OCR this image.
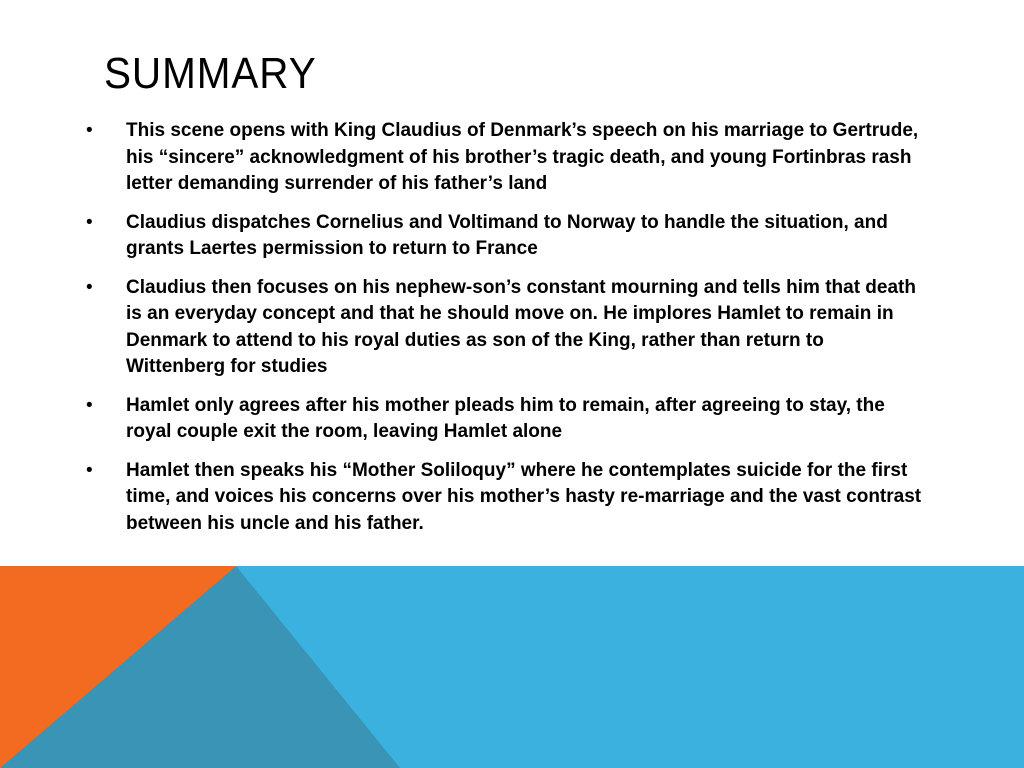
SUMMARY
• This scene opens with King Claudius of Denmark’s speech on his marriage to Gertrude, his “sincere” acknowledgment of his brother’s tragic death, and young Fortinbras rash letter demanding surrender of his father’s land
• Claudius dispatches Cornelius and Voltimand to Norway to handle the situation, and grants Laertes permission to return to France
• Claudius then focuses on his nephew-son’s constant mourning and tells him that death is an everyday concept and that he should move on. He implores Hamlet to remain in Denmark to attend to his royal duties as son of the King, rather than return to Wittenberg for studies
• Hamlet only agrees after his mother pleads him to remain, after agreeing to stay, the royal couple exit the room, leaving Hamlet alone
• Hamlet then speaks his “Mother Soliloquy” where he contemplates suicide for the first time, and voices his concerns over his mother’s hasty re-marriage and the vast contrast between his uncle and his father.
